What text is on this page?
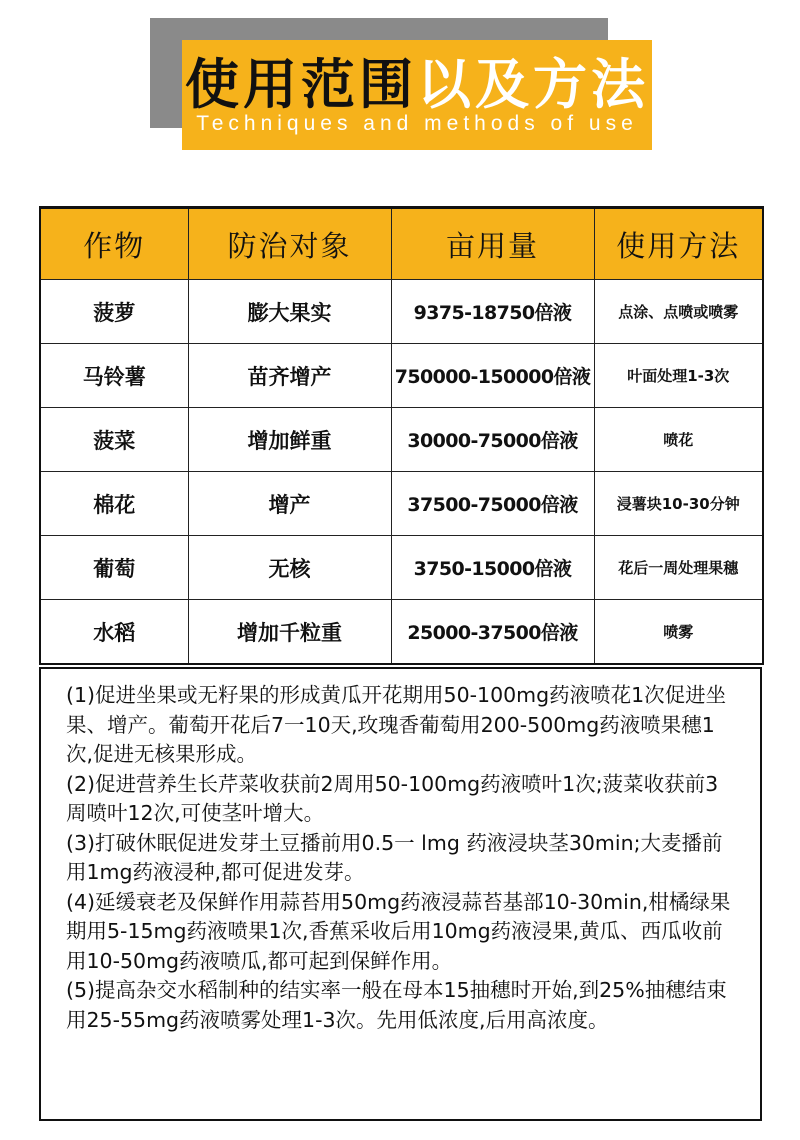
使用范围 以及方法
Techniques and methods of use
作物	防治对象	亩用量	使用方法
菠萝	膨大果实	9375-18750倍液	点涂、点喷或喷雾
马铃薯	苗齐增产	750000-150000倍液	叶面处理1-3次
菠菜	增加鲜重	30000-75000倍液	喷花
棉花	增产	37500-75000倍液	浸薯块10-30分钟
葡萄	无核	3750-15000倍液	花后一周处理果穗
水稻	增加千粒重	25000-37500倍液	喷雾

(1)促进坐果或无籽果的形成黄瓜开花期用50-100mg药液喷花1次促进坐果、增产。葡萄开花后7一10天,玫瑰香葡萄用200-500mg药液喷果穗1次,促进无核果形成。

(2)促进营养生长芹菜收获前2周用50-100mg药液喷叶1次;菠菜收获前3周喷叶12次,可使茎叶增大。

(3)打破休眠促进发芽土豆播前用0.5一 lmg 药液浸块茎30min;大麦播前用1mg药液浸种,都可促进发芽。

(4)延缓衰老及保鲜作用蒜苔用50mg药液浸蒜苔基部10-30min,柑橘绿果期用5-15mg药液喷果1次,香蕉采收后用10mg药液浸果,黄瓜、西瓜收前用10-50mg药液喷瓜,都可起到保鲜作用。

(5)提高杂交水稻制种的结实率一般在母本15抽穗时开始,到25%抽穗结束用25-55mg药液喷雾处理1-3次。先用低浓度,后用高浓度。
